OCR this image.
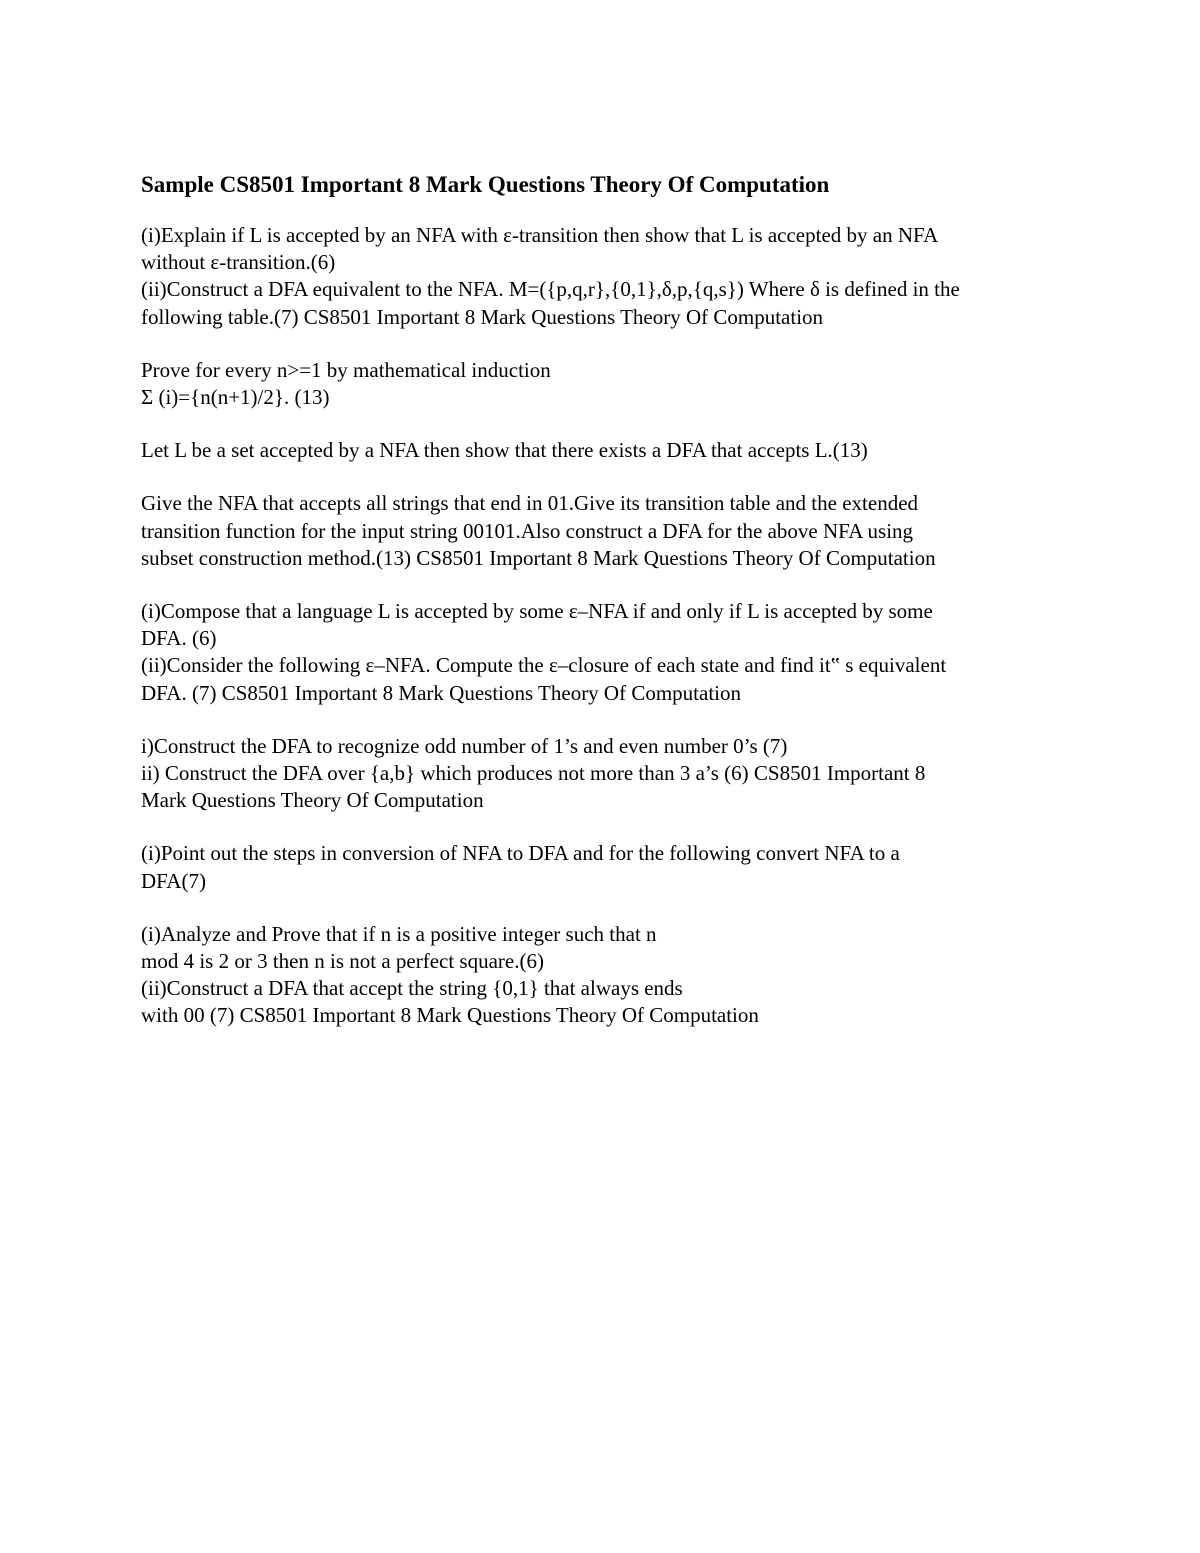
Sample CS8501 Important 8 Mark Questions Theory Of Computation
(i)Explain if L is accepted by an NFA with ε-transition then show that L is accepted by an NFA
without ε-transition.(6)
(ii)Construct a DFA equivalent to the NFA. M=({p,q,r},{0,1},δ,p,{q,s}) Where δ is defined in the
following table.(7) CS8501 Important 8 Mark Questions Theory Of Computation
Prove for every n>=1 by mathematical induction
Σ (i)={n(n+1)/2}. (13)
Let L be a set accepted by a NFA then show that there exists a DFA that accepts L.(13)
Give the NFA that accepts all strings that end in 01.Give its transition table and the extended
transition function for the input string 00101.Also construct a DFA for the above NFA using
subset construction method.(13) CS8501 Important 8 Mark Questions Theory Of Computation
(i)Compose that a language L is accepted by some ε–NFA if and only if L is accepted by some
DFA. (6)
(ii)Consider the following ε–NFA. Compute the ε–closure of each state and find it‟ s equivalent
DFA. (7) CS8501 Important 8 Mark Questions Theory Of Computation
i)Construct the DFA to recognize odd number of 1’s and even number 0’s (7)
ii) Construct the DFA over {a,b} which produces not more than 3 a’s (6) CS8501 Important 8
Mark Questions Theory Of Computation
(i)Point out the steps in conversion of NFA to DFA and for the following convert NFA to a
DFA(7)
(i)Analyze and Prove that if n is a positive integer such that n
mod 4 is 2 or 3 then n is not a perfect square.(6)
(ii)Construct a DFA that accept the string {0,1} that always ends
with 00 (7) CS8501 Important 8 Mark Questions Theory Of Computation
